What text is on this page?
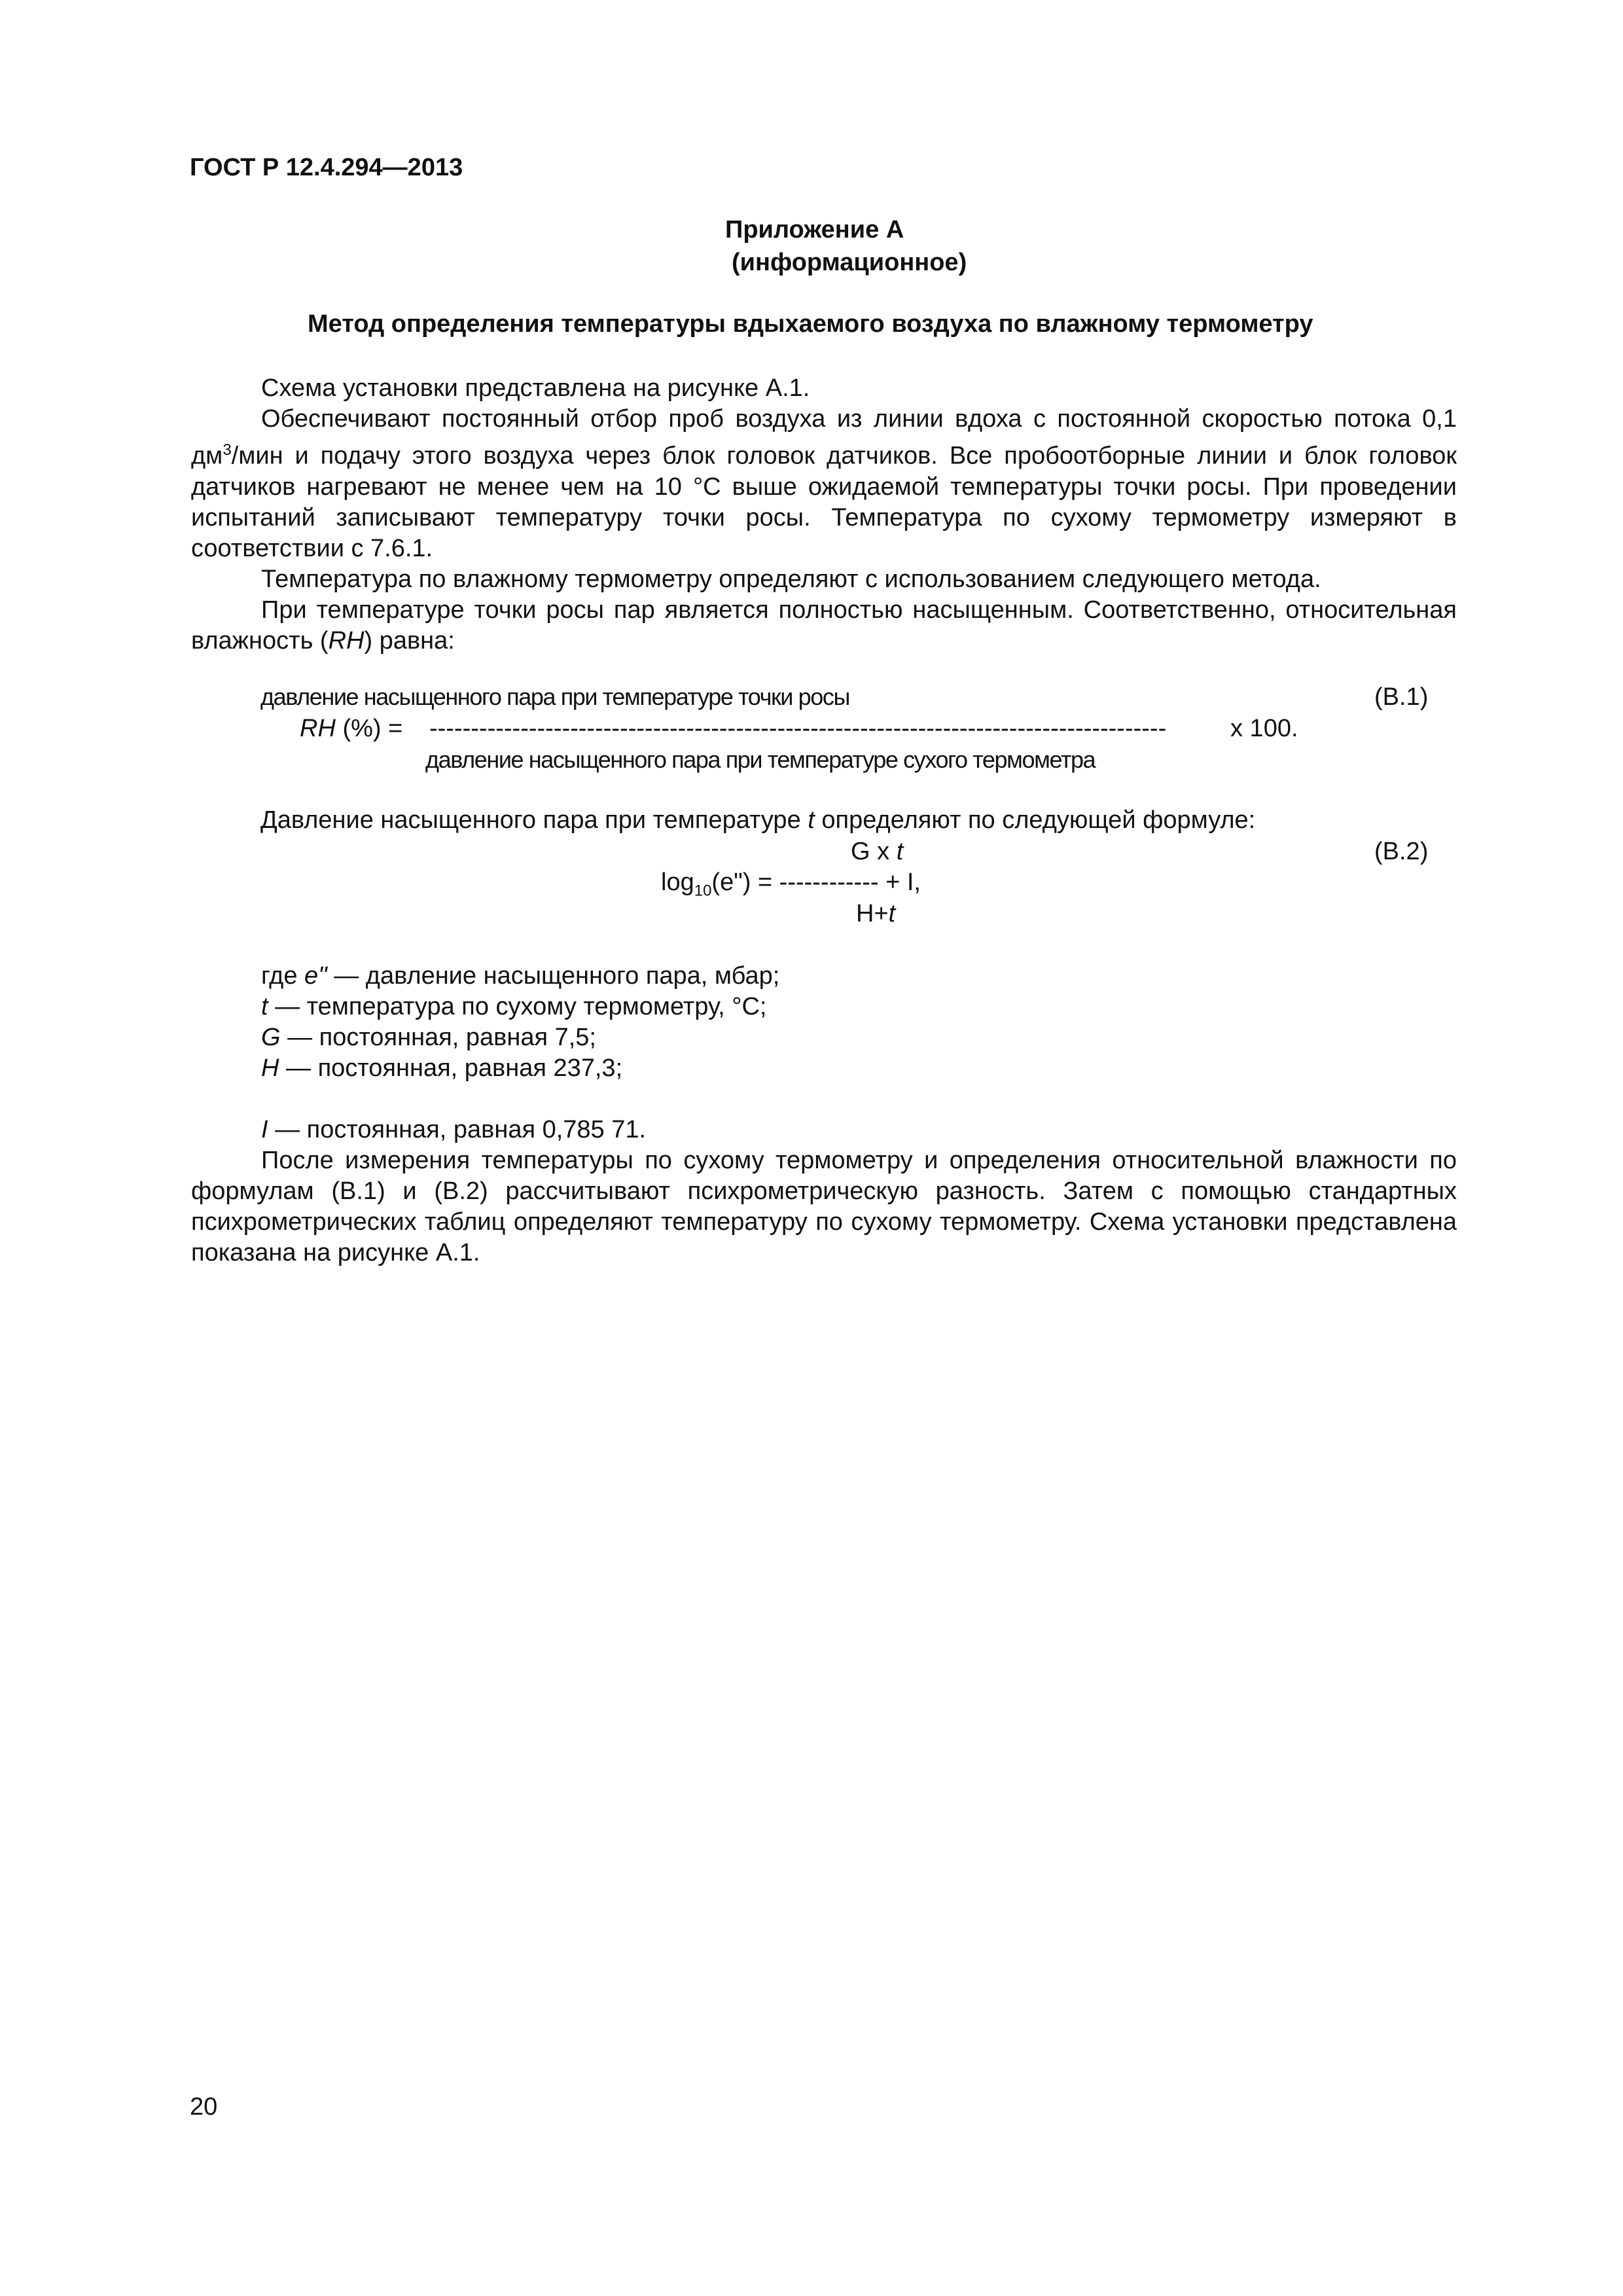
ГОСТ Р 12.4.294—2013
Приложение А
(информационное)
Метод определения температуры вдыхаемого воздуха по влажному термометру

Схема установки представлена на рисунке А.1.

Обеспечивают постоянный отбор проб воздуха из линии вдоха с постоянной скоростью потока 0,1 $дм^3$/мин и подачу этого воздуха через блок головок датчиков. Все пробоотборные линии и блок головок датчиков нагревают не менее чем на 10 °С выше ожидаемой температуры точки росы. При проведении испытаний записывают температуру точки росы. Температура по сухому термометру измеряют в соответствии с 7.6.1.

Температура по влажному термометру определяют с использованием следующего метода.

При температуре точки росы пар является полностью насыщенным. Соответственно, относительная влажность (RH) равна:

давление насыщенного пара при температуре точки росы	(B.1)
RH (%) = -----------------------------------------------------------------------------------------	x 100.
давление насыщенного пара при температуре сухого термометра
Давление насыщенного пара при температуре t определяют по следующей формуле:
G x t	(B.2)
$\log_{10}(e")$ = ------------ + I,
H+t
где e" — давление насыщенного пара, мбар;
t — температура по сухому термометру, °С;
G — постоянная, равная 7,5;
H — постоянная, равная 237,3;
I — постоянная, равная 0,785 71.

После измерения температуры по сухому термометру и определения относительной влажности по формулам (B.1) и (B.2) рассчитывают психрометрическую разность. Затем с помощью стандартных психрометрических таблиц определяют температуру по сухому термометру. Схема установки представлена показана на рисунке А.1.

20
